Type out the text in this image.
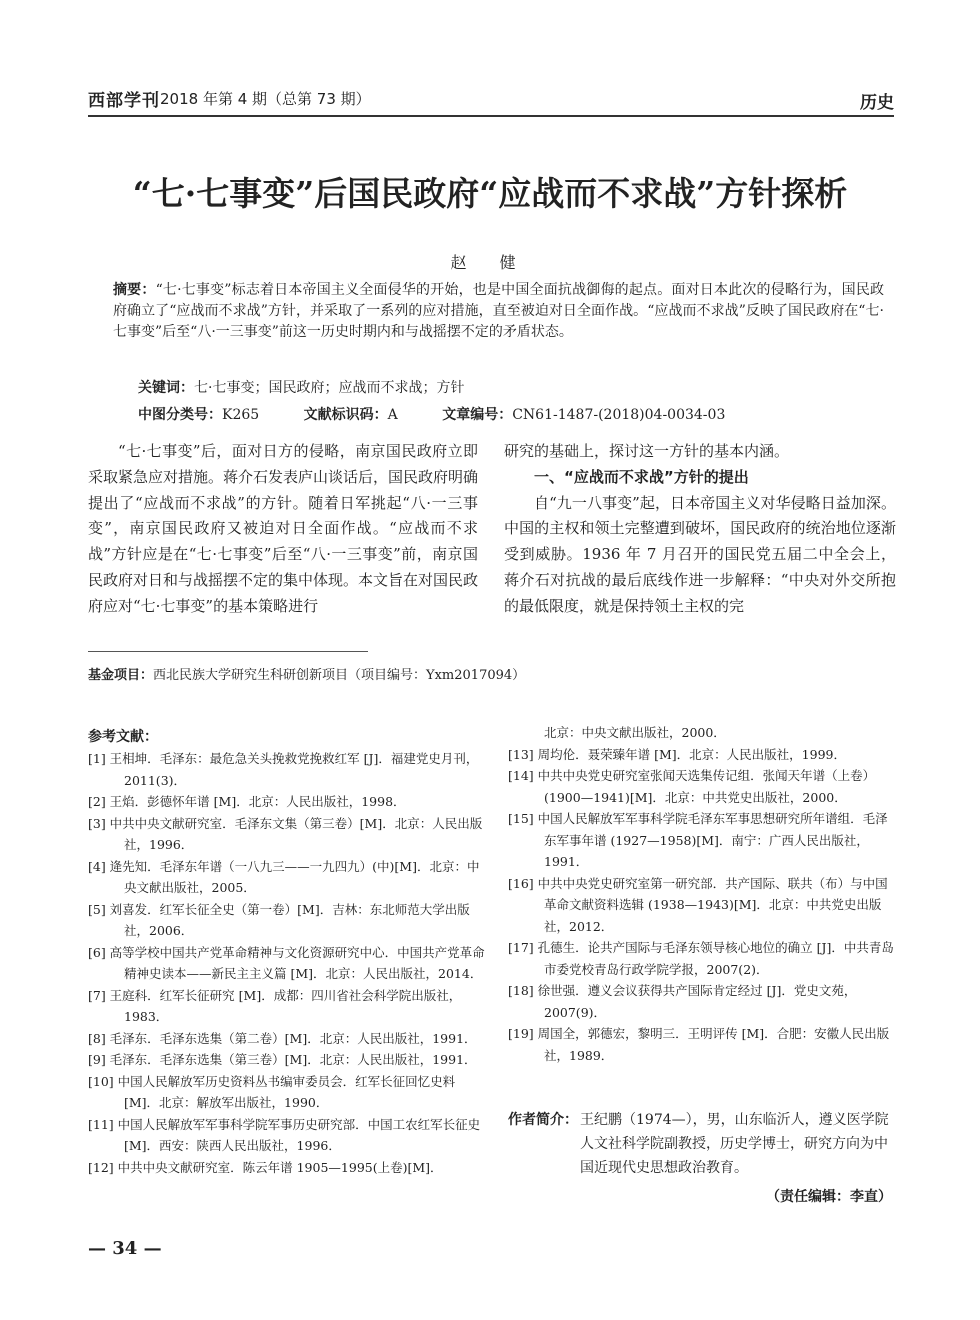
西部学刊 2018 年第 4 期（总第 73 期）	历史
“七·七事变”后国民政府“应战而不求战”方针探析
赵 健
摘要：“七·七事变”标志着日本帝国主义全面侵华的开始，也是中国全面抗战御侮的起点。面对日本此次的侵略行为，国民政府确立了“应战而不求战”方针，并采取了一系列的应对措施，直至被迫对日全面作战。“应战而不求战”反映了国民政府在“七·七事变”后至“八·一三事变”前这一历史时期内和与战摇摆不定的矛盾状态。
关键词：七·七事变；国民政府；应战而不求战；方针
中图分类号：K265	文献标识码：A	文章编号：CN61-1487-(2018)04-0034-03
“七·七事变”后，面对日方的侵略，南京国民政府立即采取紧急应对措施。蒋介石发表庐山谈话后，国民政府明确提出了“应战而不求战”的方针。随着日军挑起“八·一三事变”，南京国民政府又被迫对日全面作战。“应战而不求战”方针应是在“七·七事变”后至“八·一三事变”前，南京国民政府对日和与战摇摆不定的集中体现。本文旨在对国民政府应对“七·七事变”的基本策略进行
研究的基础上，探讨这一方针的基本内涵。
一、“应战而不求战”方针的提出
自“九一八事变”起，日本帝国主义对华侵略日益加深。中国的主权和领土完整遭到破坏，国民政府的统治地位逐渐受到威胁。1936 年 7 月召开的国民党五届二中全会上，蒋介石对抗战的最后底线作进一步解释：“中央对外交所抱的最低限度，就是保持领土主权的完
基金项目：西北民族大学研究生科研创新项目（项目编号：Yxm2017094）
参考文献：
[1] 王相坤．毛泽东：最危急关头挽救党挽救红军 [J]．福建党史月刊，2011(3)．
[2] 王焰．彭德怀年谱 [M]．北京：人民出版社，1998．
[3] 中共中央文献研究室．毛泽东文集（第三卷）[M]．北京：人民出版社，1996．
[4] 逄先知．毛泽东年谱（一八九三——一九四九）(中)[M]．北京：中央文献出版社，2005．
[5] 刘喜发．红军长征全史（第一卷）[M]．吉林：东北师范大学出版社，2006．
[6] 高等学校中国共产党革命精神与文化资源研究中心．中国共产党革命精神史读本——新民主主义篇 [M]．北京：人民出版社，2014．
[7] 王庭科．红军长征研究 [M]．成都：四川省社会科学院出版社，1983．
[8] 毛泽东．毛泽东选集（第二卷）[M]．北京：人民出版社，1991．
[9] 毛泽东．毛泽东选集（第三卷）[M]．北京：人民出版社，1991．
[10] 中国人民解放军历史资料丛书编审委员会．红军长征回忆史料 [M]．北京：解放军出版社，1990．
[11] 中国人民解放军军事科学院军事历史研究部．中国工农红军长征史 [M]．西安：陕西人民出版社，1996．
[12] 中共中央文献研究室．陈云年谱 1905—1995(上卷)[M]．
北京：中央文献出版社，2000．
[13] 周均伦．聂荣臻年谱 [M]．北京：人民出版社，1999．
[14] 中共中央党史研究室张闻天选集传记组．张闻天年谱（上卷）(1900—1941)[M]．北京：中共党史出版社，2000．
[15] 中国人民解放军军事科学院毛泽东军事思想研究所年谱组．毛泽东军事年谱 (1927—1958)[M]．南宁：广西人民出版社，1991．
[16] 中共中央党史研究室第一研究部．共产国际、联共（布）与中国革命文献资料选辑 (1938—1943)[M]．北京：中共党史出版社，2012．
[17] 孔德生．论共产国际与毛泽东领导核心地位的确立 [J]．中共青岛市委党校青岛行政学院学报，2007(2)．
[18] 徐世强．遵义会议获得共产国际肯定经过 [J]．党史文苑，2007(9)．
[19] 周国全，郭德宏，黎明三．王明评传 [M]．合肥：安徽人民出版社，1989．
作者简介： 王纪鹏（1974—），男，山东临沂人，遵义医学院人文社科学院副教授，历史学博士，研究方向为中国近现代史思想政治教育。
（责任编辑：李直）
— 34 —
